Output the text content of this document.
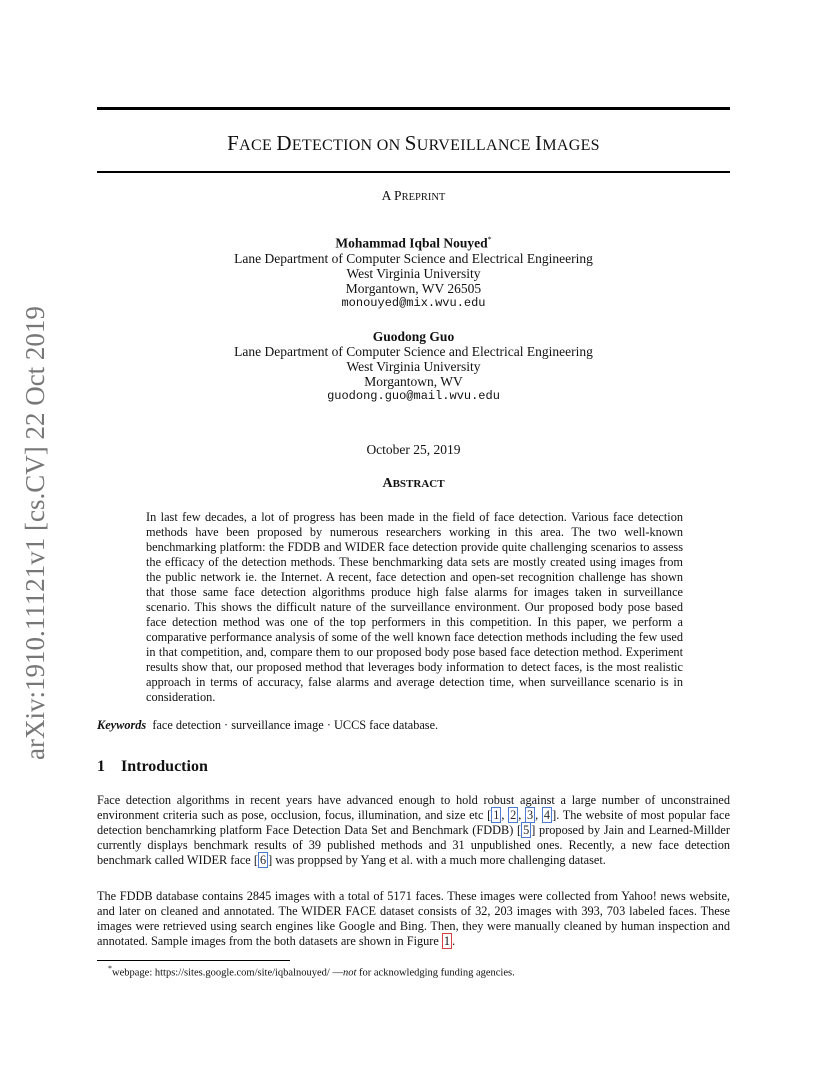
arXiv:1910.11121v1 [cs.CV] 22 Oct 2019
FACE DETECTION ON SURVEILLANCE IMAGES
A PREPRINT
Mohammad Iqbal Nouyed*
Lane Department of Computer Science and Electrical Engineering
West Virginia University
Morgantown, WV 26505
monouyed@mix.wvu.edu
Guodong Guo
Lane Department of Computer Science and Electrical Engineering
West Virginia University
Morgantown, WV
guodong.guo@mail.wvu.edu
October 25, 2019
ABSTRACT
In last few decades, a lot of progress has been made in the field of face detection. Various face detection methods have been proposed by numerous researchers working in this area. The two well-known benchmarking platform: the FDDB and WIDER face detection provide quite challenging scenarios to assess the efficacy of the detection methods. These benchmarking data sets are mostly created using images from the public network ie. the Internet. A recent, face detection and open-set recognition challenge has shown that those same face detection algorithms produce high false alarms for images taken in surveillance scenario. This shows the difficult nature of the surveillance environment. Our proposed body pose based face detection method was one of the top performers in this competition. In this paper, we perform a comparative performance analysis of some of the well known face detection methods including the few used in that competition, and, compare them to our proposed body pose based face detection method. Experiment results show that, our proposed method that leverages body information to detect faces, is the most realistic approach in terms of accuracy, false alarms and average detection time, when surveillance scenario is in consideration.
Keywords face detection · surveillance image · UCCS face database.
1 Introduction
Face detection algorithms in recent years have advanced enough to hold robust against a large number of unconstrained environment criteria such as pose, occlusion, focus, illumination, and size etc [ 1 , 2 , 3 , 4 ]. The website of most popular face detection benchamrking platform Face Detection Data Set and Benchmark (FDDB) [ 5 ] proposed by Jain and Learned-Millder currently displays benchmark results of 39 published methods and 31 unpublished ones. Recently, a new face detection benchmark called WIDER face [ 6 ] was proppsed by Yang et al. with a much more challenging dataset.
The FDDB database contains 2845 images with a total of 5171 faces. These images were collected from Yahoo! news website, and later on cleaned and annotated. The WIDER FACE dataset consists of 32, 203 images with 393, 703 labeled faces. These images were retrieved using search engines like Google and Bing. Then, they were manually cleaned by human inspection and annotated. Sample images from the both datasets are shown in Figure 1 .
*webpage: https://sites.google.com/site/iqbalnouyed/ —not for acknowledging funding agencies.
